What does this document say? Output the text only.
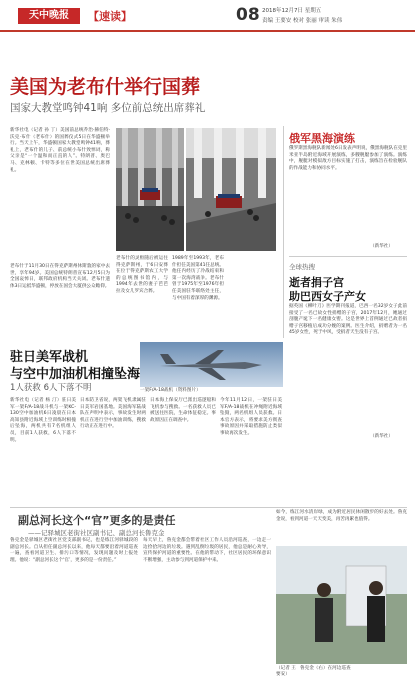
天中晚报	【速读】	08 2018年12月7日 星期五
责编 王要安 校对 张丽 审读 朱伟
美国为老布什举行国葬
国家大教堂鸣钟41响 多位前总统出席葬礼
新华社电（记者 孙 丁）美国前总统乔治·赫伯特·沃克·布什（老布什）的国葬仪式5日在华盛顿举行。当天上午，华盛顿国家大教堂鸣钟41响，葬礼上，老布什的儿子、前总统小布什致悼词，称父亲是“一个温和而正直的人”。特朗普、奥巴马、克林顿、卡特等多位在世美国总统出席葬礼。
老布什于11月30日在得克萨斯州休斯敦的家中去世，享年94岁。美国总统特朗普宣布12月5日为全国哀悼日，联邦政府机构当天关闭。老布什遗体3日运抵华盛顿，停放在国会大厦供公众瞻仰。
老布什的灵柩随后被运往得克萨斯州，于6日安葬在位于得克萨斯农工大学的总统图书馆内，与1994年去世的妻子芭芭拉及女儿罗宾合葬。
1989年至1993年，老布什担任美国第41任总统。他任内经历了冷战结束和第一次海湾战争。老布什曾于1975年至1976年担任美国驻华联络处主任，与中国有着深厚的渊源。
俄军黑海演练
俄罗斯黑海舰队新闻处6日发表声明说，俄黑海舰队在克里米亚半岛附近海域开展演练，多艘舰艇参加了演练。演练中，舰艇对模拟敌方目标实施了打击，演练旨在检验舰队的作战能力和协同水平。
（新华社）
全球热搜
逝者捐子宫
助巴西女子产女
据英国《柳叶刀》医学期刊报道，巴西一名32岁女子此前接受了一名已故女性捐赠的子宫，2017年12月，她通过剖腹产诞下一名健康女婴。这是世界上首例通过已故者捐赠子宫移植后成功分娩的案例。医生介绍，捐赠者为一名45岁女性，死于中风，受捐者天生没有子宫。
（新华社）
驻日美军战机
与空中加油机相撞坠海
1人获救 6人下落不明	一架F/A-18战机（资料图片）
新华社电（记者 杨 汀）驻日美军一架F/A-18战斗机与一架KC-130空中加油机6日凌晨在日本高知县附近海域上空训练时相撞后坠海，两机共有7名机组人员，目前1人获救，6人下落不明。
日本防卫省说，两架飞机隶属驻日美军岩国基地。美国海军陆战队在声明中表示，事故发生时两机正在进行空中加油训练，搜救行动正在进行中。
日本海上保安厅已派出巡逻船和飞机参与搜救。一名获救人员已被送往医院，生命体征稳定。事故原因正在调查中。
今年11月12日，一架驻日美军F/A-18战机在冲绳附近海域坠毁，两名机组人员获救。日本官方表示，将要求美方彻查事故原因并采取措施防止类似事故再次发生。
副总河长这个“官”更多的是责任
——记驿城区老街社区副书记、副总河长鲁克金
鲁克金是驿城区老街社区党支部副书记，也是练江河驿城段的副总河长。自从担任副总河长以来，他每天都要沿着河道巡查一遍，查看河道卫生、排污口等情况，发现问题及时上报处理。他说：“副总河长这个‘官’，更多的是一份责任。”
每天早上，鲁克金都会带着社区工作人员沿河巡查，一边走一边捡拾河边的垃圾。遇到乱倒垃圾的居民，他总是耐心劝导，宣传保护河道的重要性。在他的带动下，社区居民的环保意识不断增强，主动参与到河道保护中来。
如今，练江河水清岸绿，成为附近居民休闲散步的好去处。鲁克金说，看到河道一天天变美，再苦再累也值得。
鲁克金（右）在河边巡查
（记者 王要安）
